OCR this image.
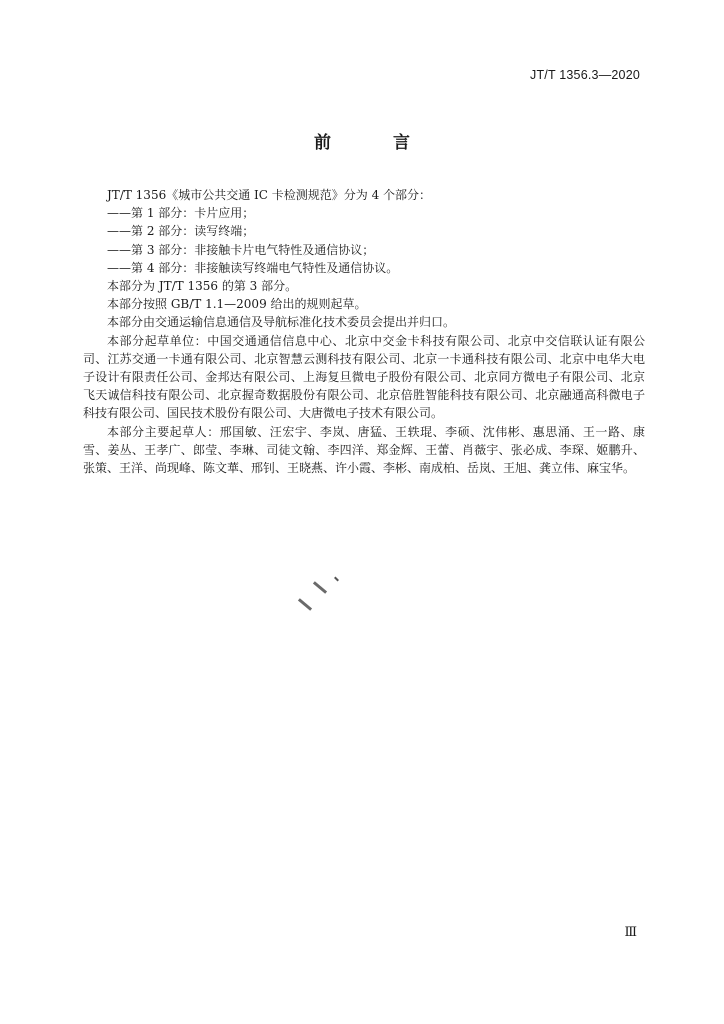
JT/T 1356.3—2020
前 言

JT/T 1356《城市公共交通 IC 卡检测规范》分为 4 个部分：

——第 1 部分：卡片应用；

——第 2 部分：读写终端；

——第 3 部分：非接触卡片电气特性及通信协议；

——第 4 部分：非接触读写终端电气特性及通信协议。

本部分为 JT/T 1356 的第 3 部分。

本部分按照 GB/T 1.1—2009 给出的规则起草。

本部分由交通运输信息通信及导航标准化技术委员会提出并归口。

本部分起草单位：中国交通通信信息中心、北京中交金卡科技有限公司、北京中交信联认证有限公司、江苏交通一卡通有限公司、北京智慧云测科技有限公司、北京一卡通科技有限公司、北京中电华大电子设计有限责任公司、金邦达有限公司、上海复旦微电子股份有限公司、北京同方微电子有限公司、北京飞天诚信科技有限公司、北京握奇数据股份有限公司、北京倍胜智能科技有限公司、北京融通高科微电子科技有限公司、国民技术股份有限公司、大唐微电子技术有限公司。

本部分主要起草人：邢国敏、汪宏宇、李岚、唐猛、王轶琨、李硕、沈伟彬、惠思涌、王一路、康雪、姜丛、王孝广、郎莹、李琳、司徒文翰、李四洋、郑金辉、王蕾、肖薇宇、张必成、李琛、姬鹏升、张策、王洋、尚现峰、陈文華、邢钊、王晓燕、许小霞、李彬、南成柏、岳岚、王旭、龚立伟、麻宝华。

Ⅲ
